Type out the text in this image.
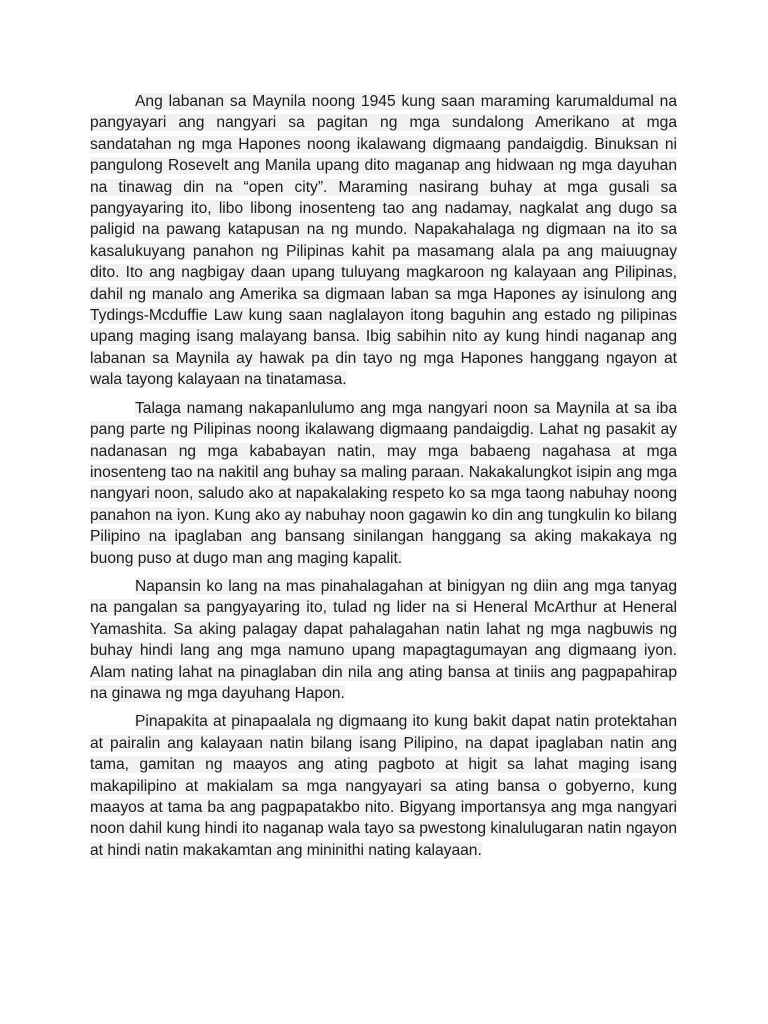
Ang labanan sa Maynila noong 1945 kung saan maraming karumaldumal na pangyayari ang nangyari sa pagitan ng mga sundalong Amerikano at mga sandatahan ng mga Hapones noong ikalawang digmaang pandaigdig. Binuksan ni pangulong Rosevelt ang Manila upang dito maganap ang hidwaan ng mga dayuhan na tinawag din na “open city”. Maraming nasirang buhay at mga gusali sa pangyayaring ito, libo libong inosenteng tao ang nadamay, nagkalat ang dugo sa paligid na pawang katapusan na ng mundo. Napakahalaga ng digmaan na ito sa kasalukuyang panahon ng Pilipinas kahit pa masamang alala pa ang maiuugnay dito. Ito ang nagbigay daan upang tuluyang magkaroon ng kalayaan ang Pilipinas, dahil ng manalo ang Amerika sa digmaan laban sa mga Hapones ay isinulong ang Tydings-Mcduffie Law kung saan naglalayon itong baguhin ang estado ng pilipinas upang maging isang malayang bansa. Ibig sabihin nito ay kung hindi naganap ang labanan sa Maynila ay hawak pa din tayo ng mga Hapones hanggang ngayon at wala tayong kalayaan na tinatamasa.

Talaga namang nakapanlulumo ang mga nangyari noon sa Maynila at sa iba pang parte ng Pilipinas noong ikalawang digmaang pandaigdig. Lahat ng pasakit ay nadanasan ng mga kababayan natin, may mga babaeng nagahasa at mga inosenteng tao na nakitil ang buhay sa maling paraan. Nakakalungkot isipin ang mga nangyari noon, saludo ako at napakalaking respeto ko sa mga taong nabuhay noong panahon na iyon. Kung ako ay nabuhay noon gagawin ko din ang tungkulin ko bilang Pilipino na ipaglaban ang bansang sinilangan hanggang sa aking makakaya ng buong puso at dugo man ang maging kapalit.

Napansin ko lang na mas pinahalagahan at binigyan ng diin ang mga tanyag na pangalan sa pangyayaring ito, tulad ng lider na si Heneral McArthur at Heneral Yamashita. Sa aking palagay dapat pahalagahan natin lahat ng mga nagbuwis ng buhay hindi lang ang mga namuno upang mapagtagumayan ang digmaang iyon. Alam nating lahat na pinaglaban din nila ang ating bansa at tiniis ang pagpapahirap na ginawa ng mga dayuhang Hapon.

Pinapakita at pinapaalala ng digmaang ito kung bakit dapat natin protektahan at pairalin ang kalayaan natin bilang isang Pilipino, na dapat ipaglaban natin ang tama, gamitan ng maayos ang ating pagboto at higit sa lahat maging isang makapilipino at makialam sa mga nangyayari sa ating bansa o gobyerno, kung maayos at tama ba ang pagpapatakbo nito. Bigyang importansya ang mga nangyari noon dahil kung hindi ito naganap wala tayo sa pwestong kinalulugaran natin ngayon at hindi natin makakamtan ang mininithi nating kalayaan.
